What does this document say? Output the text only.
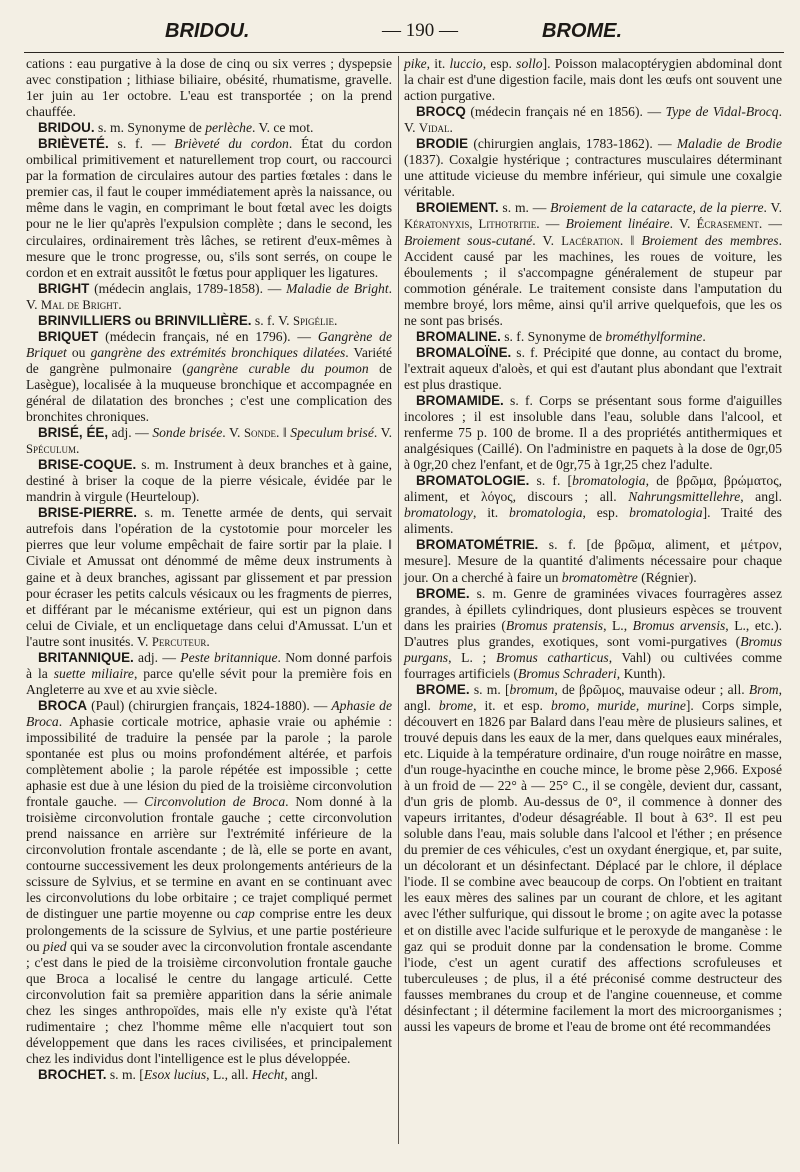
BRIDOU.	— 190 —	BROME.

cations : eau purgative à la dose de cinq ou six verres ; dyspepsie avec constipation ; lithiase biliaire, obésité, rhumatisme, gravelle. 1er juin au 1er octobre. L'eau est transportée ; on la prend chauffée.

BRIDOU. s. m. Synonyme de perlèche. V. ce mot.

BRIÈVETÉ. s. f. — Brièveté du cordon. État du cordon ombilical primitivement et naturellement trop court, ou raccourci par la formation de circulaires autour des parties fœtales : dans le premier cas, il faut le couper immédiatement après la naissance, ou même dans le vagin, en comprimant le bout fœtal avec les doigts pour ne le lier qu'après l'expulsion complète ; dans le second, les circulaires, ordinairement très lâches, se retirent d'eux-mêmes à mesure que le tronc progresse, ou, s'ils sont serrés, on coupe le cordon et en extrait aussitôt le fœtus pour appliquer les ligatures.

BRIGHT (médecin anglais, 1789-1858). — Maladie de Bright. V. Mal de Bright.

BRINVILLIERS ou BRINVILLIÈRE. s. f. V. Spigélie.

BRIQUET (médecin français, né en 1796). — Gangrène de Briquet ou gangrène des extrémités bronchiques dilatées. Variété de gangrène pulmonaire (gangrène curable du poumon de Lasègue), localisée à la muqueuse bronchique et accompagnée en général de dilatation des bronches ; c'est une complication des bronchites chroniques.

BRISÉ, ÉE, adj. — Sonde brisée. V. Sonde. ‖ Speculum brisé. V. Spéculum.

BRISE-COQUE. s. m. Instrument à deux branches et à gaine, destiné à briser la coque de la pierre vésicale, évidée par le mandrin à virgule (Heurteloup).

BRISE-PIERRE. s. m. Tenette armée de dents, qui servait autrefois dans l'opération de la cystotomie pour morceler les pierres que leur volume empêchait de faire sortir par la plaie. ‖ Civiale et Amussat ont dénommé de même deux instruments à gaine et à deux branches, agissant par glissement et par pression pour écraser les petits calculs vésicaux ou les fragments de pierres, et différant par le mécanisme extérieur, qui est un pignon dans celui de Civiale, et un encliquetage dans celui d'Amussat. L'un et l'autre sont inusités. V. Percuteur.

BRITANNIQUE. adj. — Peste britannique. Nom donné parfois à la suette miliaire, parce qu'elle sévit pour la première fois en Angleterre au xve et au xvie siècle.

BROCA (Paul) (chirurgien français, 1824-1880). — Aphasie de Broca. Aphasie corticale motrice, aphasie vraie ou aphémie : impossibilité de traduire la pensée par la parole ; la parole spontanée est plus ou moins profondément altérée, et parfois complètement abolie ; la parole répétée est impossible ; cette aphasie est due à une lésion du pied de la troisième circonvolution frontale gauche. — Circonvolution de Broca. Nom donné à la troisième circonvolution frontale gauche ; cette circonvolution prend naissance en arrière sur l'extrémité inférieure de la circonvolution frontale ascendante ; de là, elle se porte en avant, contourne successivement les deux prolongements antérieurs de la scissure de Sylvius, et se termine en avant en se continuant avec les circonvolutions du lobe orbitaire ; ce trajet compliqué permet de distinguer une partie moyenne ou cap comprise entre les deux prolongements de la scissure de Sylvius, et une partie postérieure ou pied qui va se souder avec la circonvolution frontale ascendante ; c'est dans le pied de la troisième circonvolution frontale gauche que Broca a localisé le centre du langage articulé. Cette circonvolution fait sa première apparition dans la série animale chez les singes anthropoïdes, mais elle n'y existe qu'à l'état rudimentaire ; chez l'homme même elle n'acquiert tout son développement que dans les races civilisées, et principalement chez les individus dont l'intelligence est le plus développée.

BROCHET. s. m. [Esox lucius, L., all. Hecht, angl.

pike, it. luccio, esp. sollo]. Poisson malacoptérygien abdominal dont la chair est d'une digestion facile, mais dont les œufs ont souvent une action purgative.

BROCQ (médecin français né en 1856). — Type de Vidal-Brocq. V. Vidal.

BRODIE (chirurgien anglais, 1783-1862). — Maladie de Brodie (1837). Coxalgie hystérique ; contractures musculaires déterminant une attitude vicieuse du membre inférieur, qui simule une coxalgie véritable.

BROIEMENT. s. m. — Broiement de la cataracte, de la pierre. V. Kératonyxis, Lithotritie. — Broiement linéaire. V. Écrasement. — Broiement sous-cutané. V. Lacération. ‖ Broiement des membres. Accident causé par les machines, les roues de voiture, les éboulements ; il s'accompagne généralement de stupeur par commotion générale. Le traitement consiste dans l'amputation du membre broyé, lors même, ainsi qu'il arrive quelquefois, que les os ne sont pas brisés.

BROMALINE. s. f. Synonyme de brométhylformine.

BROMALOÏNE. s. f. Précipité que donne, au contact du brome, l'extrait aqueux d'aloès, et qui est d'autant plus abondant que l'extrait est plus drastique.

BROMAMIDE. s. f. Corps se présentant sous forme d'aiguilles incolores ; il est insoluble dans l'eau, soluble dans l'alcool, et renferme 75 p. 100 de brome. Il a des propriétés antithermiques et analgésiques (Caillé). On l'administre en paquets à la dose de 0gr,05 à 0gr,20 chez l'enfant, et de 0gr,75 à 1gr,25 chez l'adulte.

BROMATOLOGIE. s. f. [bromatologia, de βρῶμα, βρώματος, aliment, et λόγος, discours ; all. Nahrungsmittellehre, angl. bromatology, it. bromatologia, esp. bromatologia]. Traité des aliments.

BROMATOMÉTRIE. s. f. [de βρῶμα, aliment, et μέτρον, mesure]. Mesure de la quantité d'aliments nécessaire pour chaque jour. On a cherché à faire un bromatomètre (Régnier).

BROME. s. m. Genre de graminées vivaces fourragères assez grandes, à épillets cylindriques, dont plusieurs espèces se trouvent dans les prairies (Bromus pratensis, L., Bromus arvensis, L., etc.). D'autres plus grandes, exotiques, sont vomi-purgatives (Bromus purgans, L. ; Bromus catharticus, Vahl) ou cultivées comme fourrages artificiels (Bromus Schraderi, Kunth).

BROME. s. m. [bromum, de βρῶμος, mauvaise odeur ; all. Brom, angl. brome, it. et esp. bromo, muride, murine]. Corps simple, découvert en 1826 par Balard dans l'eau mère de plusieurs salines, et trouvé depuis dans les eaux de la mer, dans quelques eaux minérales, etc. Liquide à la température ordinaire, d'un rouge noirâtre en masse, d'un rouge-hyacinthe en couche mince, le brome pèse 2,966. Exposé à un froid de — 22° à — 25° C., il se congèle, devient dur, cassant, d'un gris de plomb. Au-dessus de 0°, il commence à donner des vapeurs irritantes, d'odeur désagréable. Il bout à 63°. Il est peu soluble dans l'eau, mais soluble dans l'alcool et l'éther ; en présence du premier de ces véhicules, c'est un oxydant énergique, et, par suite, un décolorant et un désinfectant. Déplacé par le chlore, il déplace l'iode. Il se combine avec beaucoup de corps. On l'obtient en traitant les eaux mères des salines par un courant de chlore, et les agitant avec l'éther sulfurique, qui dissout le brome ; on agite avec la potasse et on distille avec l'acide sulfurique et le peroxyde de manganèse : le gaz qui se produit donne par la condensation le brome. Comme l'iode, c'est un agent curatif des affections scrofuleuses et tuberculeuses ; de plus, il a été préconisé comme destructeur des fausses membranes du croup et de l'angine couenneuse, et comme désinfectant ; il détermine facilement la mort des microorganismes ; aussi les vapeurs de brome et l'eau de brome ont été recommandées
